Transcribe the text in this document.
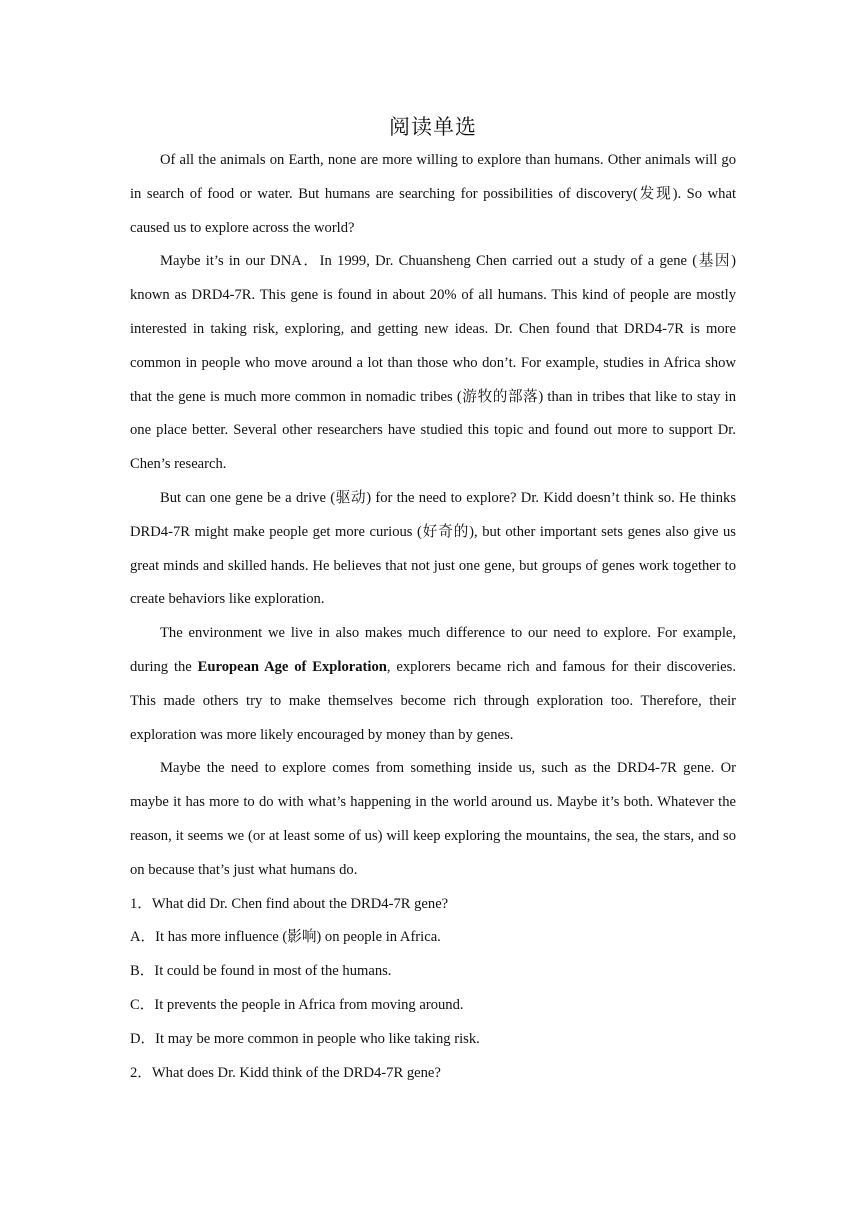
阅读单选

Of all the animals on Earth, none are more willing to explore than humans. Other animals will go in search of food or water. But humans are searching for possibilities of discovery(发现). So what caused us to explore across the world?

Maybe it’s in our DNA．In 1999, Dr. Chuansheng Chen carried out a study of a gene (基因) known as DRD4-7R. This gene is found in about 20% of all humans. This kind of people are mostly interested in taking risk, exploring, and getting new ideas. Dr. Chen found that DRD4-7R is more common in people who move around a lot than those who don’t. For example, studies in Africa show that the gene is much more common in nomadic tribes (游牧的部落) than in tribes that like to stay in one place better. Several other researchers have studied this topic and found out more to support Dr. Chen’s research.

But can one gene be a drive (驱动) for the need to explore? Dr. Kidd doesn’t think so. He thinks DRD4-7R might make people get more curious (好奇的), but other important sets genes also give us great minds and skilled hands. He believes that not just one gene, but groups of genes work together to create behaviors like exploration.

The environment we live in also makes much difference to our need to explore. For example, during the European Age of Exploration, explorers became rich and famous for their discoveries. This made others try to make themselves become rich through exploration too. Therefore, their exploration was more likely encouraged by money than by genes.

Maybe the need to explore comes from something inside us, such as the DRD4-7R gene. Or maybe it has more to do with what’s happening in the world around us. Maybe it’s both. Whatever the reason, it seems we (or at least some of us) will keep exploring the mountains, the sea, the stars, and so on because that’s just what humans do.

1．What did Dr. Chen find about the DRD4-7R gene?

A．It has more influence (影响) on people in Africa.

B．It could be found in most of the humans.

C．It prevents the people in Africa from moving around.

D．It may be more common in people who like taking risk.

2．What does Dr. Kidd think of the DRD4-7R gene?
